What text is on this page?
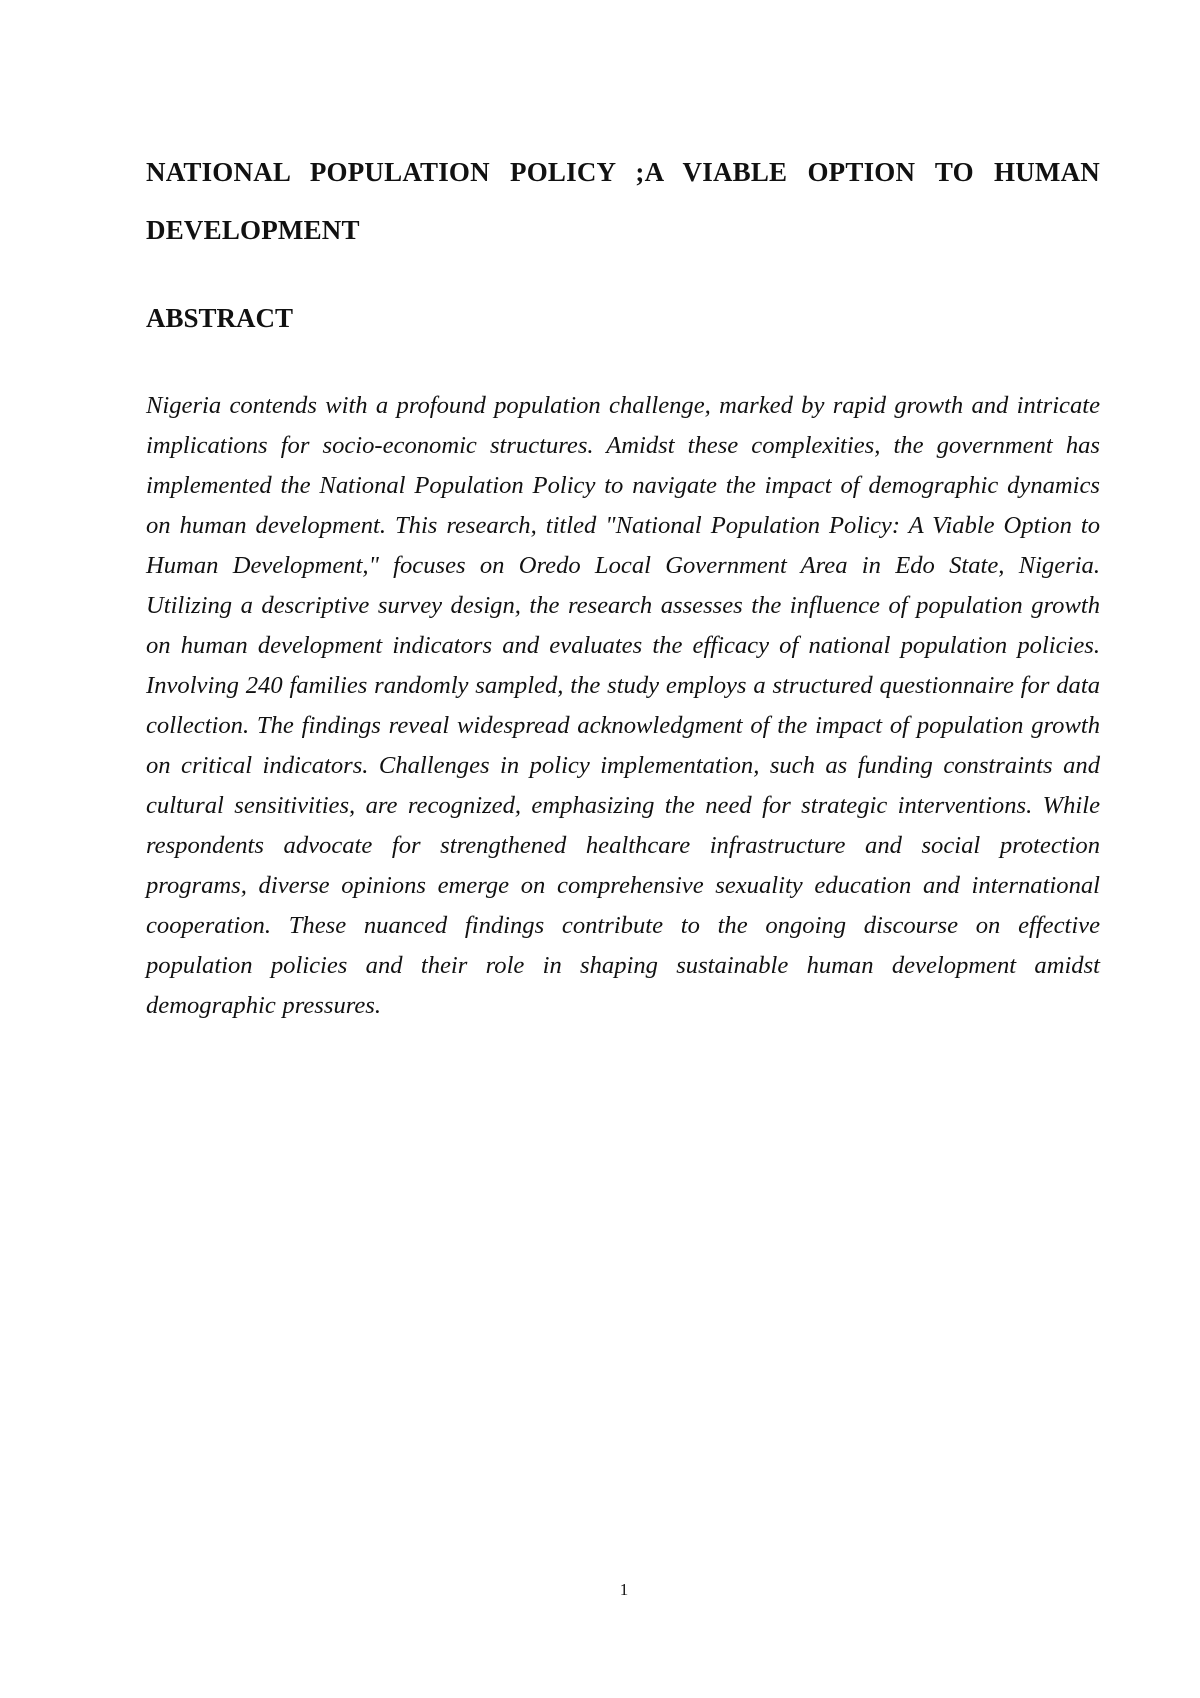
NATIONAL POPULATION POLICY ;A VIABLE OPTION TO HUMAN DEVELOPMENT
ABSTRACT

Nigeria contends with a profound population challenge, marked by rapid growth and intricate implications for socio-economic structures. Amidst these complexities, the government has implemented the National Population Policy to navigate the impact of demographic dynamics on human development. This research, titled "National Population Policy: A Viable Option to Human Development," focuses on Oredo Local Government Area in Edo State, Nigeria. Utilizing a descriptive survey design, the research assesses the influence of population growth on human development indicators and evaluates the efficacy of national population policies. Involving 240 families randomly sampled, the study employs a structured questionnaire for data collection. The findings reveal widespread acknowledgment of the impact of population growth on critical indicators. Challenges in policy implementation, such as funding constraints and cultural sensitivities, are recognized, emphasizing the need for strategic interventions. While respondents advocate for strengthened healthcare infrastructure and social protection programs, diverse opinions emerge on comprehensive sexuality education and international cooperation. These nuanced findings contribute to the ongoing discourse on effective population policies and their role in shaping sustainable human development amidst demographic pressures.

1
